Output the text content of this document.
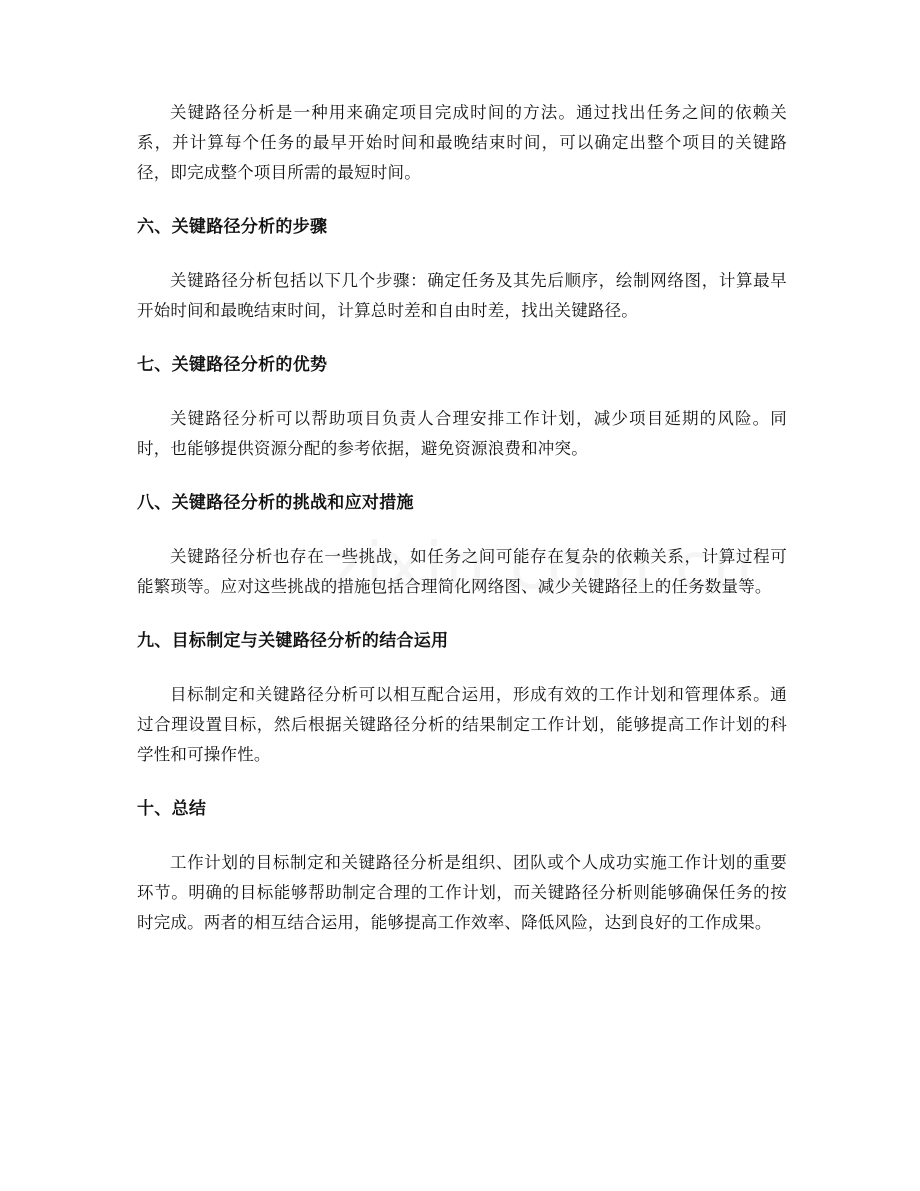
关键路径分析是一种用来确定项目完成时间的方法。通过找出任务之间的依赖关系，并计算每个任务的最早开始时间和最晚结束时间，可以确定出整个项目的关键路径，即完成整个项目所需的最短时间。

六、关键路径分析的步骤

关键路径分析包括以下几个步骤：确定任务及其先后顺序，绘制网络图，计算最早开始时间和最晚结束时间，计算总时差和自由时差，找出关键路径。

七、关键路径分析的优势

关键路径分析可以帮助项目负责人合理安排工作计划，减少项目延期的风险。同时，也能够提供资源分配的参考依据，避免资源浪费和冲突。

八、关键路径分析的挑战和应对措施

关键路径分析也存在一些挑战，如任务之间可能存在复杂的依赖关系，计算过程可能繁琐等。应对这些挑战的措施包括合理简化网络图、减少关键路径上的任务数量等。

九、目标制定与关键路径分析的结合运用

目标制定和关键路径分析可以相互配合运用，形成有效的工作计划和管理体系。通过合理设置目标，然后根据关键路径分析的结果制定工作计划，能够提高工作计划的科学性和可操作性。

十、总结

工作计划的目标制定和关键路径分析是组织、团队或个人成功实施工作计划的重要环节。明确的目标能够帮助制定合理的工作计划，而关键路径分析则能够确保任务的按时完成。两者的相互结合运用，能够提高工作效率、降低风险，达到良好的工作成果。
